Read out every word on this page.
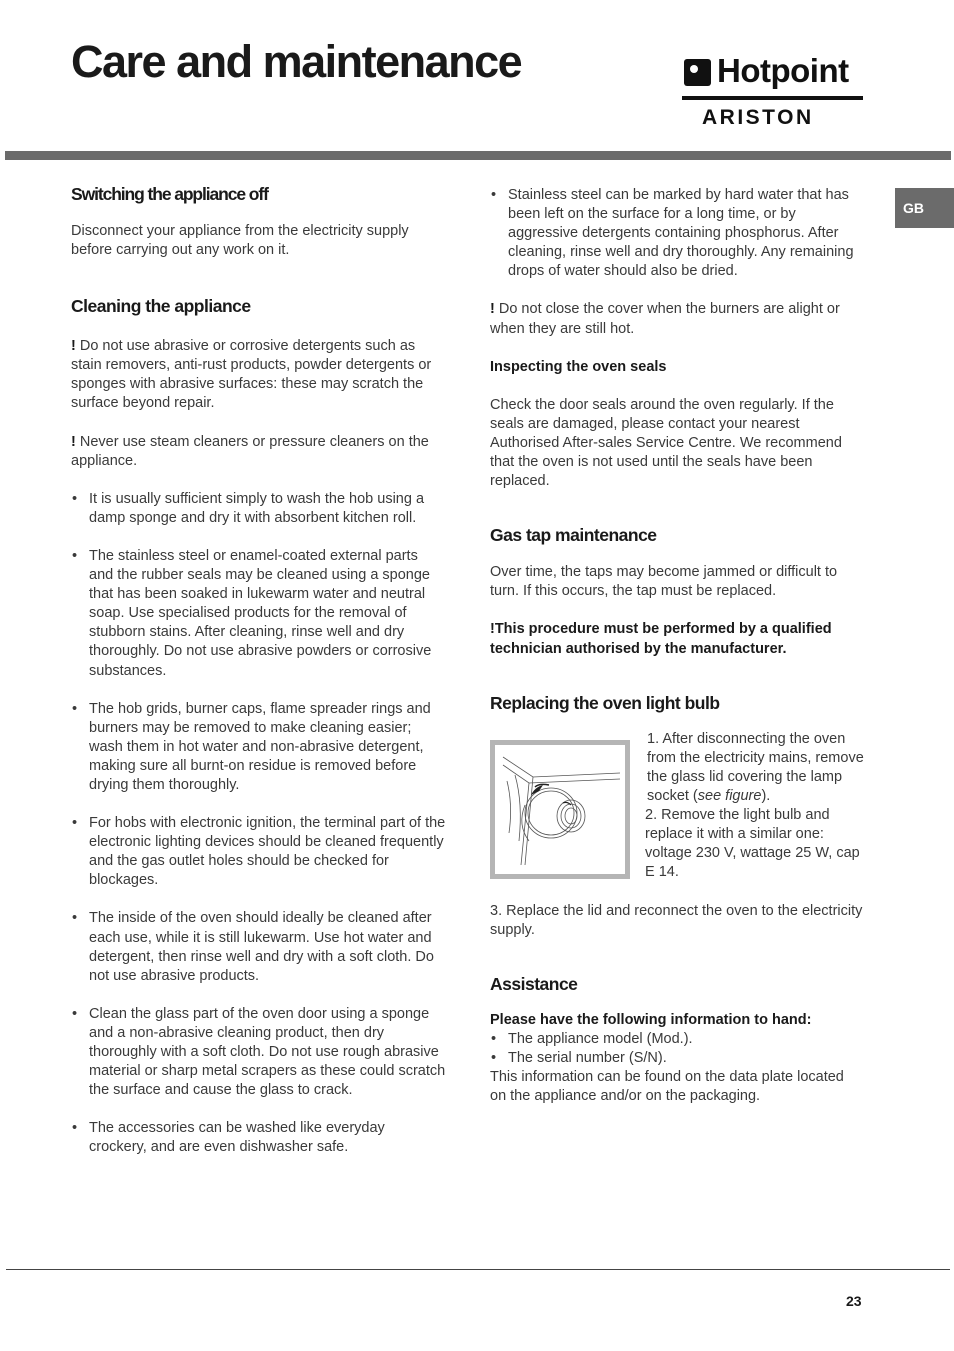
Care and maintenance	Hotpoint
ARISTON
GB
Switching the appliance off

Disconnect your appliance from the electricity supply before carrying out any work on it.

Cleaning the appliance

! Do not use abrasive or corrosive detergents such as stain removers, anti-rust products, powder detergents or sponges with abrasive surfaces: these may scratch the surface beyond repair.

! Never use steam cleaners or pressure cleaners on the appliance.

• It is usually sufficient simply to wash the hob using a damp sponge and dry it with absorbent kitchen roll.

• The stainless steel or enamel-coated external parts and the rubber seals may be cleaned using a sponge that has been soaked in lukewarm water and neutral soap. Use specialised products for the removal of stubborn stains. After cleaning, rinse well and dry thoroughly. Do not use abrasive powders or corrosive substances.

• The hob grids, burner caps, flame spreader rings and burners may be removed to make cleaning easier; wash them in hot water and non-abrasive detergent, making sure all burnt-on residue is removed before drying them thoroughly.

• For hobs with electronic ignition, the terminal part of the electronic lighting devices should be cleaned frequently and the gas outlet holes should be checked for blockages.

• The inside of the oven should ideally be cleaned after each use, while it is still lukewarm. Use hot water and detergent, then rinse well and dry with a soft cloth. Do not use abrasive products.

• Clean the glass part of the oven door using a sponge and a non-abrasive cleaning product, then dry thoroughly with a soft cloth. Do not use rough abrasive material or sharp metal scrapers as these could scratch the surface and cause the glass to crack.

• The accessories can be washed like everyday crockery, and are even dishwasher safe.

• Stainless steel can be marked by hard water that has been left on the surface for a long time, or by aggressive detergents containing phosphorus. After cleaning, rinse well and dry thoroughly. Any remaining drops of water should also be dried.

! Do not close the cover when the burners are alight or when they are still hot.

Inspecting the oven seals

Check the door seals around the oven regularly. If the seals are damaged, please contact your nearest Authorised After-sales Service Centre. We recommend that the oven is not used until the seals have been replaced.

Gas tap maintenance

Over time, the taps may become jammed or difficult to turn. If this occurs, the tap must be replaced.

!This procedure must be performed by a qualified technician authorised by the manufacturer.

Replacing the oven light bulb

1. After disconnecting the oven from the electricity mains, remove the glass lid covering the lamp socket (see figure).

2. Remove the light bulb and replace it with a similar one: voltage 230 V, wattage 25 W, cap E 14.

3. Replace the lid and reconnect the oven to the electricity supply.

Assistance

Please have the following information to hand:

• The appliance model (Mod.).

• The serial number (S/N).

This information can be found on the data plate located on the appliance and/or on the packaging.

23
